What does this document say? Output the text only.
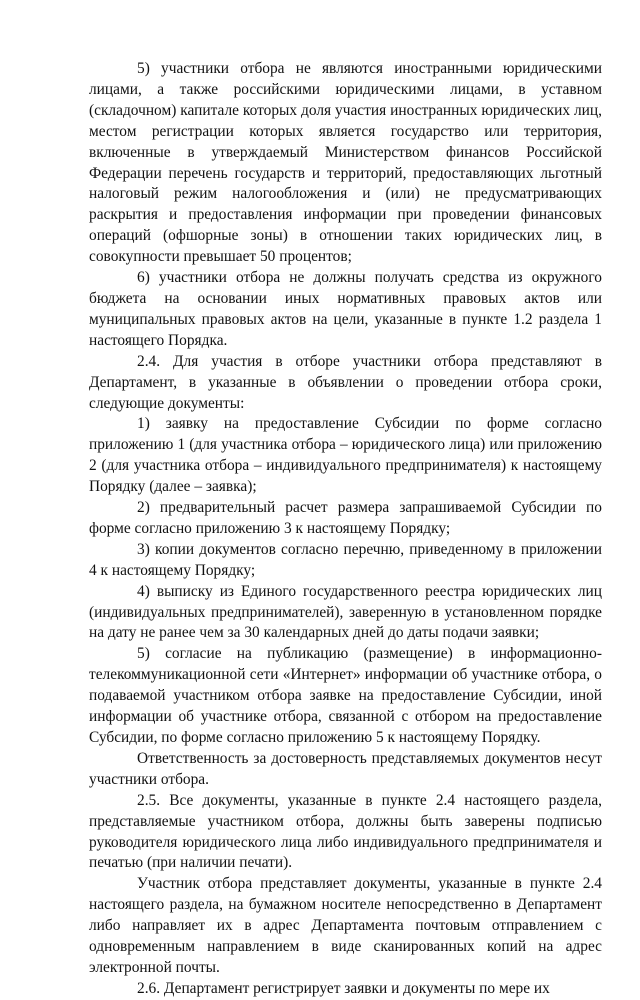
5) участники отбора не являются иностранными юридическими лицами, а также российскими юридическими лицами, в уставном (складочном) капитале которых доля участия иностранных юридических лиц, местом регистрации которых является государство или территория, включенные в утверждаемый Министерством финансов Российской Федерации перечень государств и территорий, предоставляющих льготный налоговый режим налогообложения и (или) не предусматривающих раскрытия и предоставления информации при проведении финансовых операций (офшорные зоны) в отношении таких юридических лиц, в совокупности превышает 50 процентов;

6) участники отбора не должны получать средства из окружного бюджета на основании иных нормативных правовых актов или муниципальных правовых актов на цели, указанные в пункте 1.2 раздела 1 настоящего Порядка.

2.4. Для участия в отборе участники отбора представляют в Департамент, в указанные в объявлении о проведении отбора сроки, следующие документы:

1) заявку на предоставление Субсидии по форме согласно приложению 1 (для участника отбора – юридического лица) или приложению 2 (для участника отбора – индивидуального предпринимателя) к настоящему Порядку (далее – заявка);

2) предварительный расчет размера запрашиваемой Субсидии по форме согласно приложению 3 к настоящему Порядку;

3) копии документов согласно перечню, приведенному в приложении 4 к настоящему Порядку;

4) выписку из Единого государственного реестра юридических лиц (индивидуальных предпринимателей), заверенную в установленном порядке на дату не ранее чем за 30 календарных дней до даты подачи заявки;

5) согласие на публикацию (размещение) в информационно-телекоммуникационной сети «Интернет» информации об участнике отбора, о подаваемой участником отбора заявке на предоставление Субсидии, иной информации об участнике отбора, связанной с отбором на предоставление Субсидии, по форме согласно приложению 5 к настоящему Порядку.

Ответственность за достоверность представляемых документов несут участники отбора.

2.5. Все документы, указанные в пункте 2.4 настоящего раздела, представляемые участником отбора, должны быть заверены подписью руководителя юридического лица либо индивидуального предпринимателя и печатью (при наличии печати).

Участник отбора представляет документы, указанные в пункте 2.4 настоящего раздела, на бумажном носителе непосредственно в Департамент либо направляет их в адрес Департамента почтовым отправлением с одновременным направлением в виде сканированных копий на адрес электронной почты.

2.6. Департамент регистрирует заявки и документы по мере их
